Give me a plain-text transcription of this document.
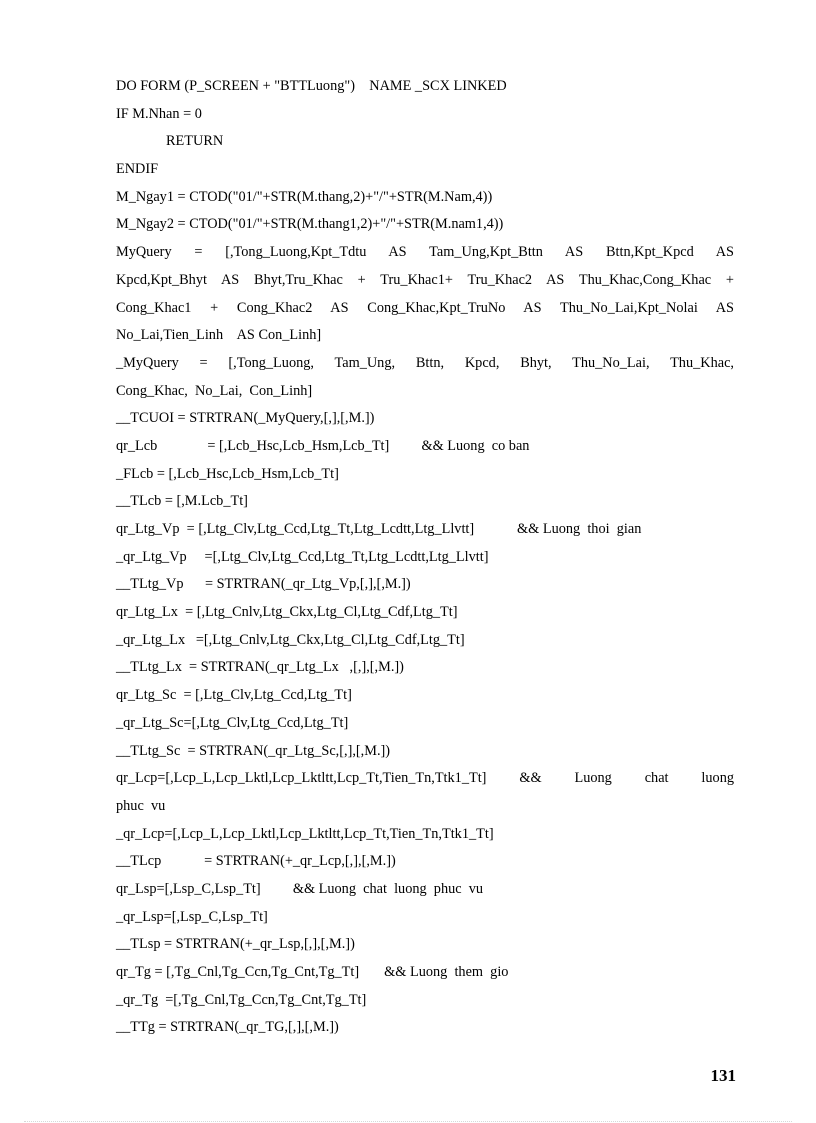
DO FORM (P_SCREEN + "BTTLuong")    NAME _SCX LINKED
IF M.Nhan = 0
RETURN
ENDIF
M_Ngay1 = CTOD("01/"+STR(M.thang,2)+"/"+STR(M.Nam,4))
M_Ngay2 = CTOD("01/"+STR(M.thang1,2)+"/"+STR(M.nam1,4))
MyQuery = [,Tong_Luong,Kpt_Tdtu AS Tam_Ung,Kpt_Bttn AS Bttn,Kpt_Kpcd AS
Kpcd,Kpt_Bhyt AS Bhyt,Tru_Khac + Tru_Khac1+ Tru_Khac2 AS Thu_Khac,Cong_Khac +
Cong_Khac1 + Cong_Khac2 AS Cong_Khac,Kpt_TruNo AS Thu_No_Lai,Kpt_Nolai AS
No_Lai,Tien_Linh    AS Con_Linh]
_MyQuery = [,Tong_Luong, Tam_Ung, Bttn, Kpcd, Bhyt, Thu_No_Lai, Thu_Khac,
Cong_Khac,  No_Lai,  Con_Linh]
__TCUOI = STRTRAN(_MyQuery,[,],[,M.])
qr_Lcb              = [,Lcb_Hsc,Lcb_Hsm,Lcb_Tt]         && Luong  co ban
_FLcb = [,Lcb_Hsc,Lcb_Hsm,Lcb_Tt]
__TLcb = [,M.Lcb_Tt]
qr_Ltg_Vp  = [,Ltg_Clv,Ltg_Ccd,Ltg_Tt,Ltg_Lcdtt,Ltg_Llvtt]            && Luong  thoi  gian
_qr_Ltg_Vp     =[,Ltg_Clv,Ltg_Ccd,Ltg_Tt,Ltg_Lcdtt,Ltg_Llvtt]
__TLtg_Vp      = STRTRAN(_qr_Ltg_Vp,[,],[,M.])
qr_Ltg_Lx  = [,Ltg_Cnlv,Ltg_Ckx,Ltg_Cl,Ltg_Cdf,Ltg_Tt]
_qr_Ltg_Lx   =[,Ltg_Cnlv,Ltg_Ckx,Ltg_Cl,Ltg_Cdf,Ltg_Tt]
__TLtg_Lx  = STRTRAN(_qr_Ltg_Lx   ,[,],[,M.])
qr_Ltg_Sc  = [,Ltg_Clv,Ltg_Ccd,Ltg_Tt]
_qr_Ltg_Sc=[,Ltg_Clv,Ltg_Ccd,Ltg_Tt]
__TLtg_Sc  = STRTRAN(_qr_Ltg_Sc,[,],[,M.])
qr_Lcp=[,Lcp_L,Lcp_Lktl,Lcp_Lktltt,Lcp_Tt,Tien_Tn,Ttk1_Tt] && Luong chat luong
phuc  vu
_qr_Lcp=[,Lcp_L,Lcp_Lktl,Lcp_Lktltt,Lcp_Tt,Tien_Tn,Ttk1_Tt]
__TLcp            = STRTRAN(+_qr_Lcp,[,],[,M.])
qr_Lsp=[,Lsp_C,Lsp_Tt]         && Luong  chat  luong  phuc  vu
_qr_Lsp=[,Lsp_C,Lsp_Tt]
__TLsp = STRTRAN(+_qr_Lsp,[,],[,M.])
qr_Tg = [,Tg_Cnl,Tg_Ccn,Tg_Cnt,Tg_Tt]       && Luong  them  gio
_qr_Tg  =[,Tg_Cnl,Tg_Ccn,Tg_Cnt,Tg_Tt]
__TTg = STRTRAN(_qr_TG,[,],[,M.])
131
